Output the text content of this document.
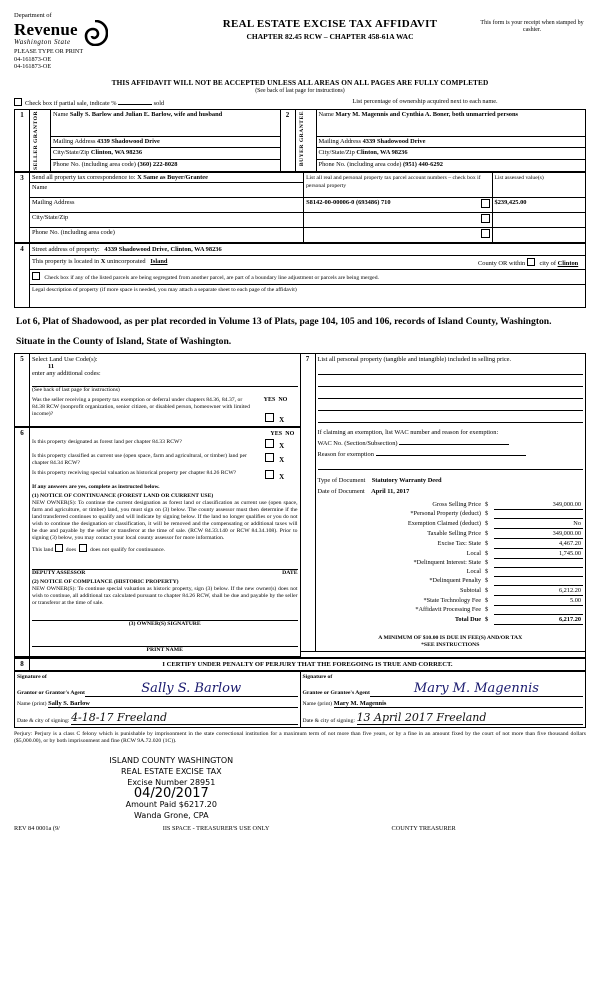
Department of
Revenue
Washington State
PLEASE TYPE OR PRINT
04-161873-OE
04-161873-OE
REAL ESTATE EXCISE TAX AFFIDAVIT
CHAPTER 82.45 RCW – CHAPTER 458-61A WAC
This form is your receipt when stamped by cashier.
THIS AFFIDAVIT WILL NOT BE ACCEPTED UNLESS ALL AREAS ON ALL PAGES ARE FULLY COMPLETED
(See back of last page for instructions)
Check box if partial sale, indicate %	sold	List percentage of ownership acquired next to each name.
1	SELLER GRANTOR	Name Sally S. Barlow and Julian E. Barlow, wife and husband	2	BUYER GRANTEE	Name Mary M. Magennis and Cynthia A. Boner, both unmarried persons
		Mailing Address 4339 Shadowood Drive			Mailing Address 4339 Shadowood Drive
		City/State/Zip Clinton, WA 98236			City/State/Zip Clinton, WA 98236
		Phone No. (including area code) (360) 222-8028			Phone No. (including area code) (951) 440-6292
3	Send all property tax correspondence to: X Same as Buyer/Grantee	List all real and personal property tax parcel account numbers – check box if personal property	List assessed value(s)
	Name		
	Mailing Address	S8142-00-00006-0 (693486) 710	$239,425.00
	City/State/Zip	

	Phone No. (including area code)	

4	Street address of property: 4339 Shadowood Drive, Clinton, WA 98236
This property is located in X unincorporated Island	County OR within city of Clinton

Check box if any of the listed parcels are being segregated from another parcel, are part of a boundary line adjustment or parcels are being merged.
Legal description of property (if more space is needed, you may attach a separate sheet to each page of the affidavit)
Lot 6, Plat of Shadowood, as per plat recorded in Volume 13 of Plats, page 104, 105 and 106, records of Island County, Washington.
Situate in the County of Island, State of Washington.
5	Select Land Use Code(s):
11
enter any additional codes:
(See back of last page for instructions)
Was the seller receiving a property tax exemption or deferral under chapters 84.36, 84.37, or 84.38 RCW (nonprofit organization, senior citizen, or disabled person, homeowner with limited income)?
YES NO
X
6	YES NO
Is this property designated as forest land per chapter 84.33 RCW?	X
Is this property classified as current use (open space, farm and agricultural, or timber) land per chapter 84.34 RCW?	X
Is this property receiving special valuation as historical property per chapter 84.26 RCW?	X
If any answers are yes, complete as instructed below.
(1) NOTICE OF CONTINUANCE (FOREST LAND OR CURRENT USE)
NEW OWNER(S): To continue the current designation as forest land or classification as current use (open space, farm and agriculture, or timber) land, you must sign on (3) below. The county assessor must then determine if the land transferred continues to qualify and will indicate by signing below. If the land no longer qualifies or you do not wish to continue the designation or classification, it will be removed and the compensating or additional taxes will be due and payable by the seller or transferor at the time of sale. (RCW 84.33.140 or RCW 84.34.108). Prior to signing (3) below, you may contact your local county assessor for more information.
This land does does not qualify for continuance.
DEPUTY ASSESSOR	DATE
(2) NOTICE OF COMPLIANCE (HISTORIC PROPERTY)
NEW OWNER(S): To continue special valuation as historic property, sign (3) below. If the new owner(s) does not wish to continue, all additional tax calculated pursuant to chapter 84.26 RCW, shall be due and payable by the seller or transferor at the time of sale.
(3) OWNER(S) SIGNATURE
PRINT NAME

7	List all personal property (tangible and intangible) included in selling price.
If claiming an exemption, list WAC number and reason for exemption:
WAC No. (Section/Subsection)
Reason for exemption
Type of Document Statutory Warranty Deed
Date of Document April 11, 2017
Gross Selling Price	$	349,000.00
*Personal Property (deduct)	$	
Exemption Claimed (deduct)	$	No
Taxable Selling Price	$	349,000.00
Excise Tax: State	$	4,467.20
Local	$	1,745.00
*Delinquent Interest: State	$	
Local	$	
*Delinquent Penalty	$	
Subtotal	$	6,212.20
*State Technology Fee	$	5.00
*Affidavit Processing Fee	$	
Total Due	$	6,217.20
A MINIMUM OF $10.00 IS DUE IN FEE(S) AND/OR TAX
*SEE INSTRUCTIONS
8	I CERTIFY UNDER PENALTY OF PERJURY THAT THE FOREGOING IS TRUE AND CORRECT.
Signature of
Grantor or Grantor's Agent	Sally S. Barlow
Name (print)
Sally S. Barlow
Date & city of signing:
4-18-17 Freeland

Signature of
Grantee or Grantee's Agent	Mary M. Magennis
Name (print)
Mary M. Magennis
Date & city of signing:
13 April 2017 Freeland
Perjury: Perjury is a class C felony which is punishable by imprisonment in the state correctional institution for a maximum term of not more than five years, or by a fine in an amount fixed by the court of not more than five thousand dollars ($5,000.00), or by both imprisonment and fine (RCW 9A.72.020 (1C)).
ISLAND COUNTY WASHINGTON
REAL ESTATE EXCISE TAX
Excise Number 28951
04/20/2017
Amount Paid $6217.20
Wanda Grone, CPA
REV 84 0001a (9/	IIS SPACE - TREASURER'S USE ONLY	COUNTY TREASURER
